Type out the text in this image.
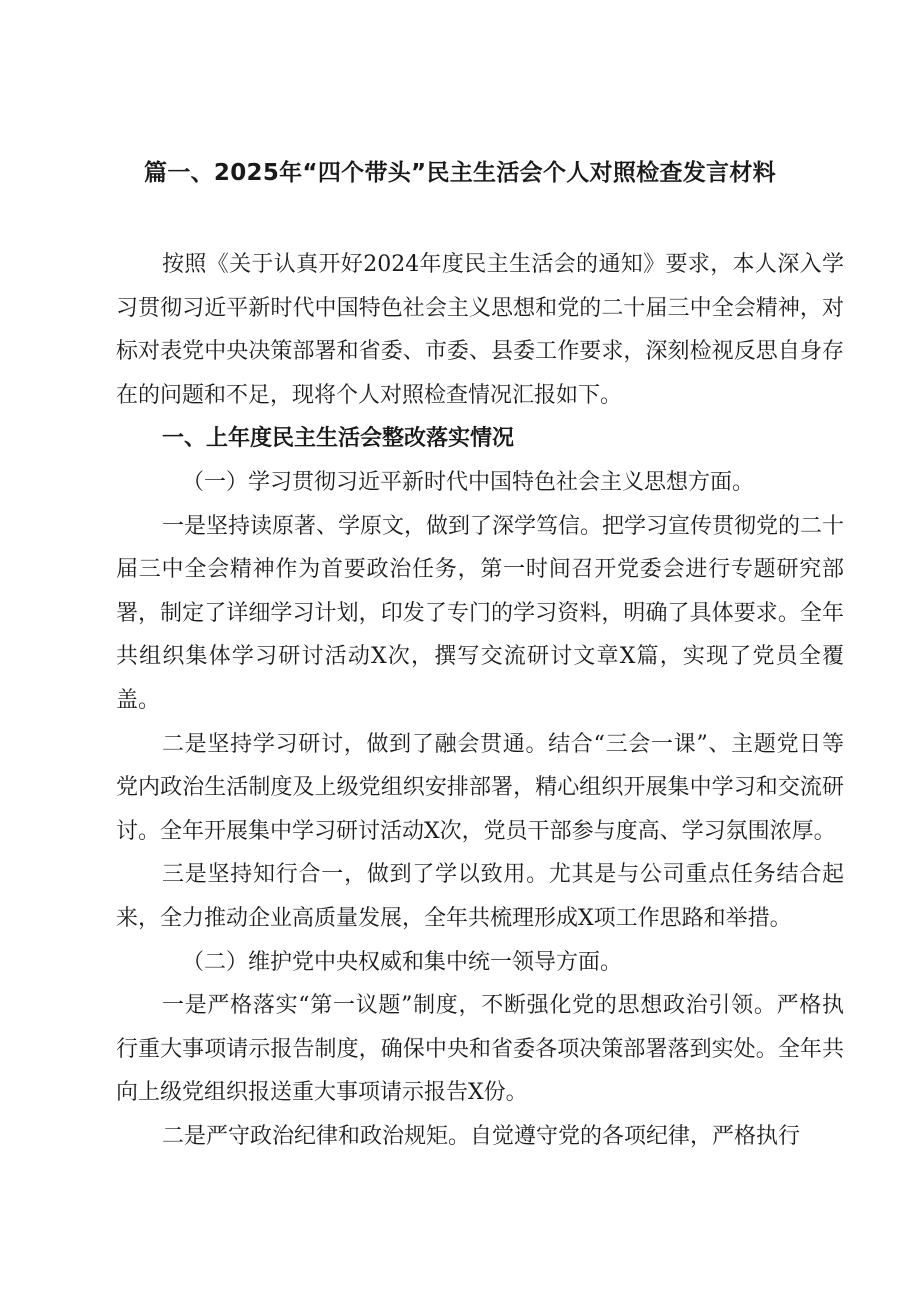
篇一、2025年“四个带头”民主生活会个人对照检查发言材料

按照《关于认真开好2024年度民主生活会的通知》要求，本人深入学习贯彻习近平新时代中国特色社会主义思想和党的二十届三中全会精神，对标对表党中央决策部署和省委、市委、县委工作要求，深刻检视反思自身存在的问题和不足，现将个人对照检查情况汇报如下。

一、上年度民主生活会整改落实情况

（一）学习贯彻习近平新时代中国特色社会主义思想方面。

一是坚持读原著、学原文，做到了深学笃信。把学习宣传贯彻党的二十届三中全会精神作为首要政治任务，第一时间召开党委会进行专题研究部署，制定了详细学习计划，印发了专门的学习资料，明确了具体要求。全年共组织集体学习研讨活动X次，撰写交流研讨文章X篇，实现了党员全覆盖。

二是坚持学习研讨，做到了融会贯通。结合“三会一课”、主题党日等党内政治生活制度及上级党组织安排部署，精心组织开展集中学习和交流研讨。全年开展集中学习研讨活动X次，党员干部参与度高、学习氛围浓厚。

三是坚持知行合一，做到了学以致用。尤其是与公司重点任务结合起来，全力推动企业高质量发展，全年共梳理形成X项工作思路和举措。

（二）维护党中央权威和集中统一领导方面。

一是严格落实“第一议题”制度，不断强化党的思想政治引领。严格执行重大事项请示报告制度，确保中央和省委各项决策部署落到实处。全年共向上级党组织报送重大事项请示报告X份。

二是严守政治纪律和政治规矩。自觉遵守党的各项纪律，严格执行
